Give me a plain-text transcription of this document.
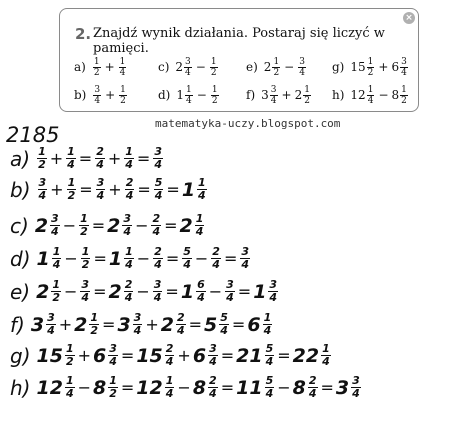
×
2. Znajdź wynik działania. Postaraj się liczyć w pamięci.
$a) \frac{1}{2} + \frac{1}{4}$	c) $2 \frac{3}{4} - \frac{1}{2} e$) $2 \frac{1}{2} - \frac{3}{4} g$) $15 \frac{1}{2} + 6 \frac{3}{4}$
$b) \frac{3}{4} + \frac{1}{2}$	d) $1 \frac{1}{4} - \frac{1}{2} f$) $3 \frac{3}{4} + 2 \frac{1}{2} h$) $12 \frac{1}{4} - 8 \frac{1}{2}$
matematyka-uczy.blogspot.com
2185
$a) \frac{1}{2} + \frac{1}{4} = \frac{2}{4} + \frac{1}{4} = \frac{3}{4}$
$b) \frac{3}{4} + \frac{1}{2} = \frac{3}{4} + \frac{2}{4} = \frac{5}{4} = 1 \frac{1}{4}$
c) $2 \frac{3}{4} - \frac{1}{2} = 2 \frac{3}{4} - \frac{2}{4} = 2 \frac{1}{4}$
d) $1 \frac{1}{4} - \frac{1}{2} = 1 \frac{1}{4} - \frac{2}{4} = \frac{5}{4} - \frac{2}{4} = \frac{3}{4}$
e) $2 \frac{1}{2} - \frac{3}{4} = 2 \frac{2}{4} - \frac{3}{4} = 1 \frac{6}{4} - \frac{3}{4} = 1 \frac{3}{4}$
f) $3 \frac{3}{4} + 2 \frac{1}{2} = 3 \frac{3}{4} + 2 \frac{2}{4} = 5 \frac{5}{4} = 6 \frac{1}{4}$
g) $15 \frac{1}{2} + 6 \frac{3}{4} = 15 \frac{2}{4} + 6 \frac{3}{4} = 21 \frac{5}{4} = 22 \frac{1}{4}$
h) $12 \frac{1}{4} - 8 \frac{1}{2} = 12 \frac{1}{4} - 8 \frac{2}{4} = 11 \frac{5}{4} - 8 \frac{2}{4} = 3 \frac{3}{4}$
